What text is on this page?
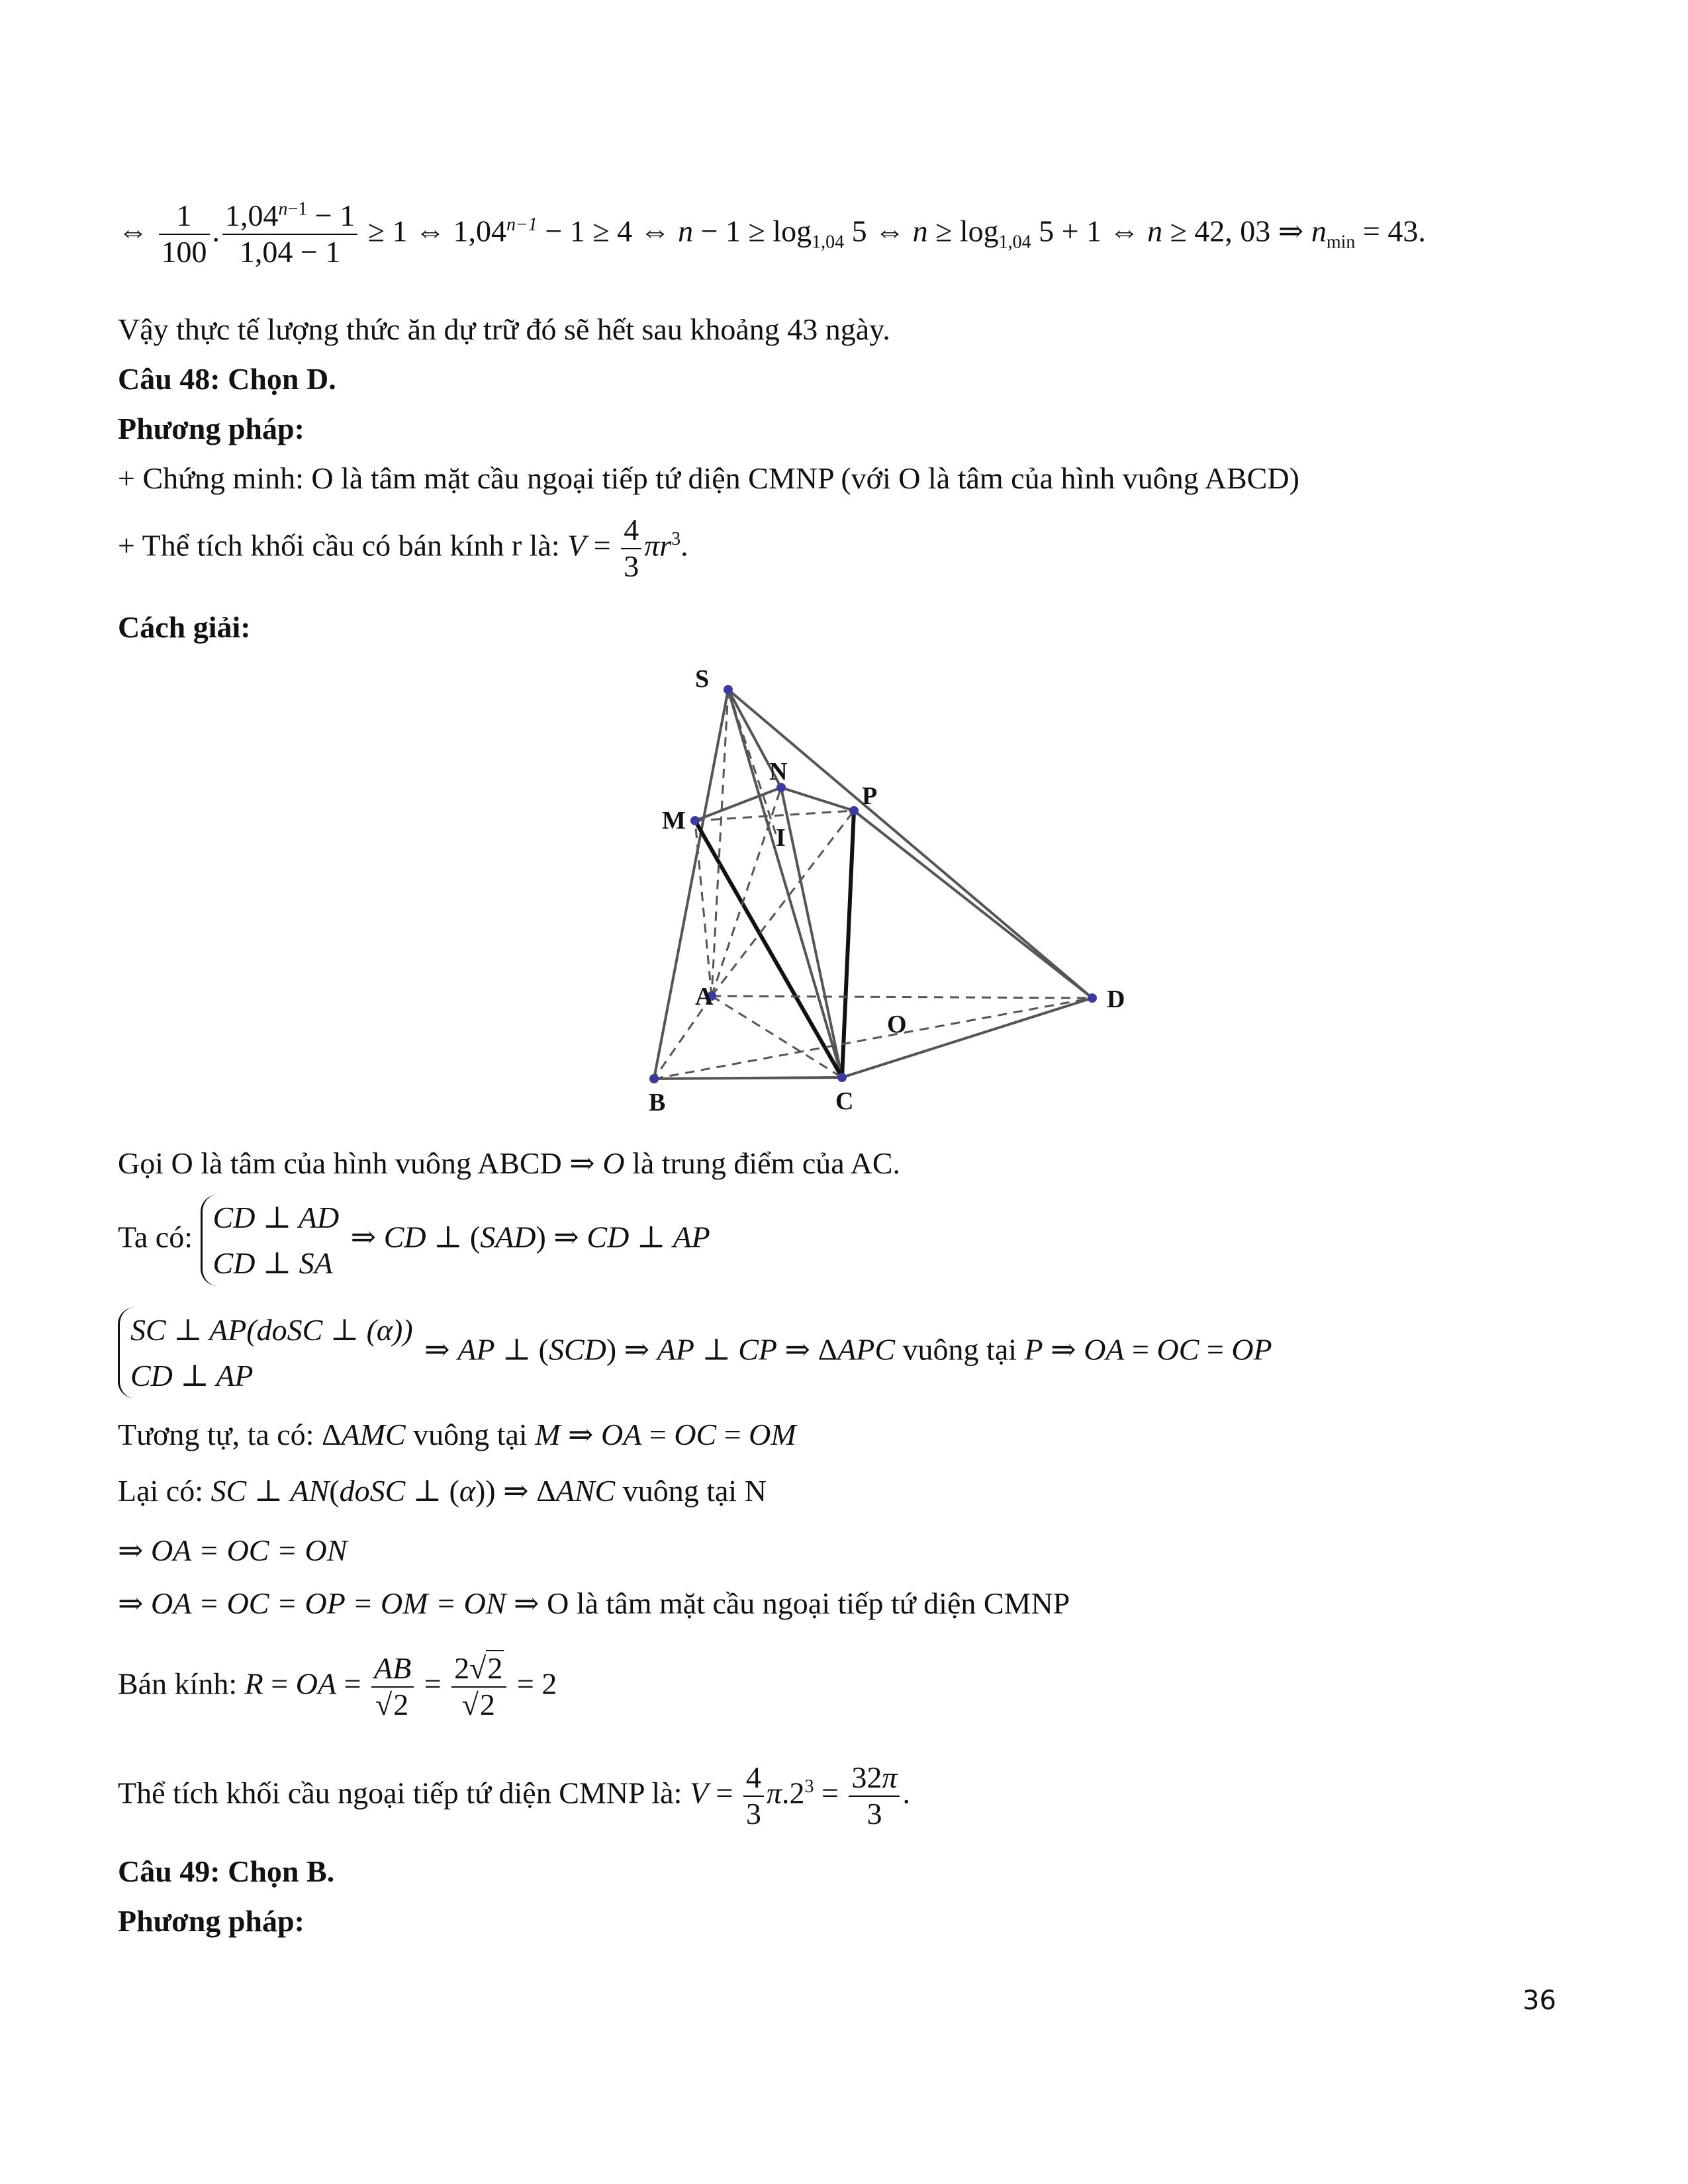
⇔ $\frac{1}{100}$ . $\frac{1,04^{n-1} - 1}{1,04 - 1} \ge 1$ ⇔ $1,04^{n-1} - 1 \ge 4$ ⇔ $n - 1 \ge \log_{1,04} 5$ ⇔ $n \ge \log_{1,04} 5 + 1$ ⇔ n ≥ 42, 03 ⇒ $n_{min} = 43$.
Vậy thực tế lượng thức ăn dự trữ đó sẽ hết sau khoảng 43 ngày.
Câu 48: Chọn D.
Phương pháp:
+ Chứng minh: O là tâm mặt cầu ngoại tiếp tứ diện CMNP (với O là tâm của hình vuông ABCD)
+ Thể tích khối cầu có bán kính r là: $V = \frac{4}{3} \pi r^3$.
Cách giải:
S
N
P
M
I
A	D
O
B	C
Gọi O là tâm của hình vuông ABCD ⇒ O là trung điểm của AC.
Ta có:
CD ⊥ AD
CD ⊥ SA
⇒ CD ⊥ (SAD) ⇒ CD ⊥ AP
SC ⊥ AP(doSC ⊥ (α))
CD ⊥ AP
⇒ AP ⊥ (SCD) ⇒ AP ⊥ CP ⇒ ΔAPC vuông tại P ⇒ OA = OC = OP
Tương tự, ta có: ΔAMC vuông tại M ⇒ OA = OC = OM
Lại có: SC ⊥ AN(doSC ⊥ (α)) ⇒ ΔANC vuông tại N
⇒ OA = OC = ON
⇒ OA = OC = OP = OM = ON ⇒ O là tâm mặt cầu ngoại tiếp tứ diện CMNP
Bán kính: R = OA = $\frac{AB}{√2} = \frac{2√2}{√2} = 2$
Thể tích khối cầu ngoại tiếp tứ diện CMNP là: $V = \frac{4}{3} \pi.2^3 = \frac{32\pi}{3}$ .
Câu 49: Chọn B.
Phương pháp:
36
